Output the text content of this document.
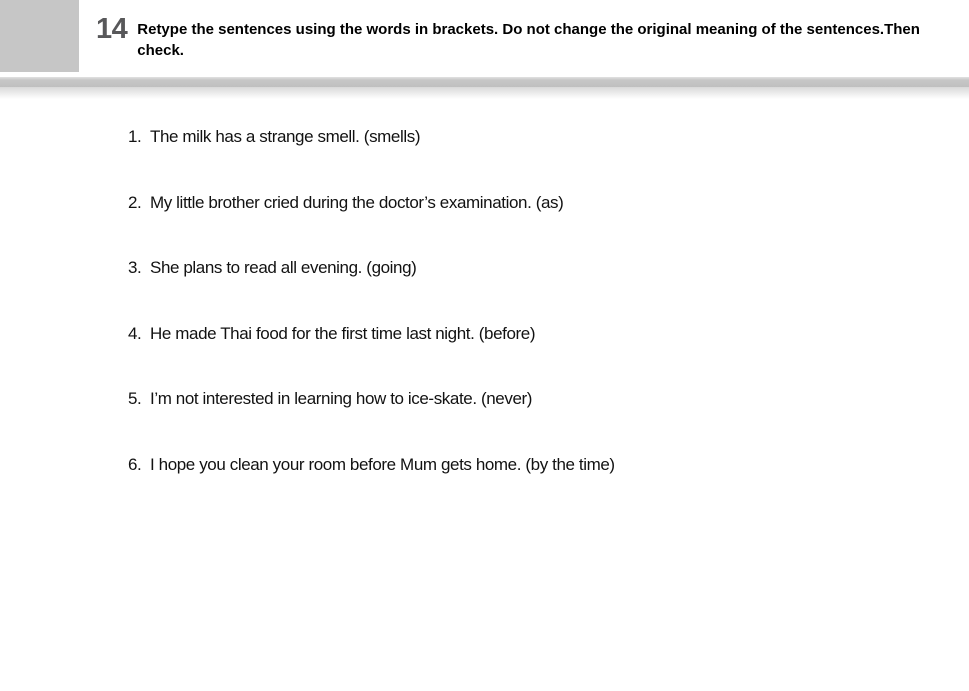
14 Retype the sentences using the words in brackets. Do not change the original meaning of the sentences.Then check.
1. The milk has a strange smell. (smells)
2. My little brother cried during the doctor’s examination. (as)
3. She plans to read all evening. (going)
4. He made Thai food for the first time last night. (before)
5. I’m not interested in learning how to ice-skate. (never)
6. I hope you clean your room before Mum gets home. (by the time)
